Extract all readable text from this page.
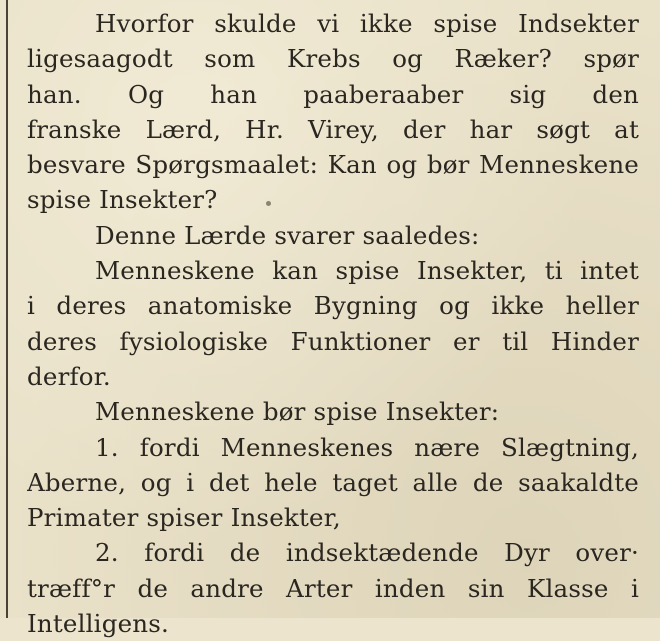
Hvorfor skulde vi ikke spise Indsekter
ligesaagodt som Krebs og Ræker? spør
han. Og han paaberaaber sig den
franske Lærd, Hr. Virey, der har søgt at
besvare Spørgsmaalet: Kan og bør Menneskene
spise Insekter?
Denne Lærde svarer saaledes:
Menneskene kan spise Insekter, ti intet
i deres anatomiske Bygning og ikke heller
deres fysiologiske Funktioner er til Hinder
derfor.
Menneskene bør spise Insekter:
1. fordi Menneskenes nære Slægtning,
Aberne, og i det hele taget alle de saakaldte
Primater spiser Insekter,
2. fordi de indsektædende Dyr over·
træff°r de andre Arter inden sin Klasse i
Intelligens.
